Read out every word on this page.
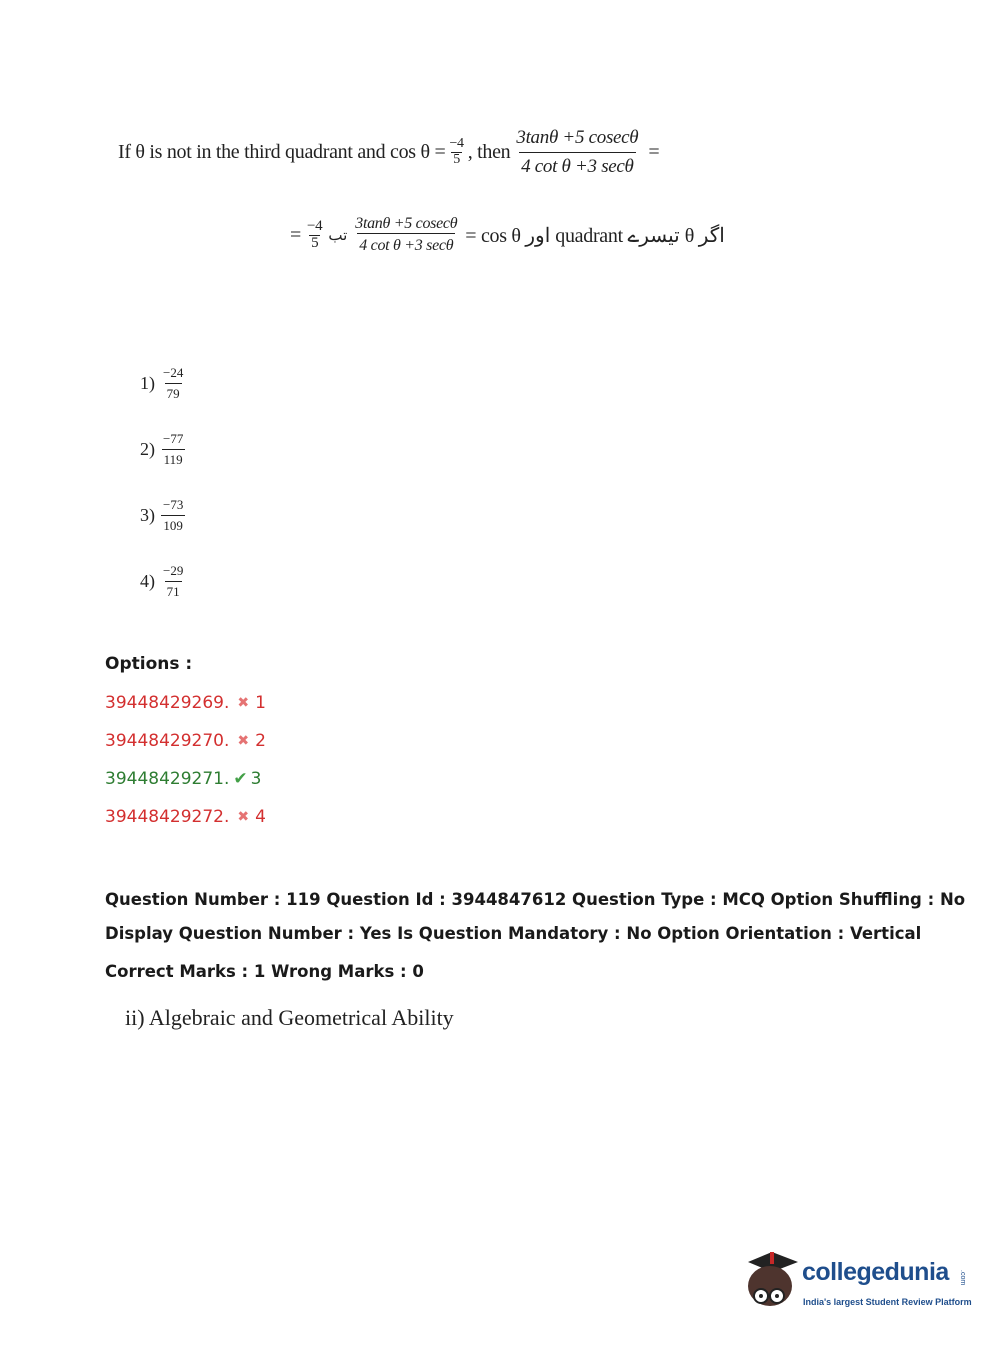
If θ is not in the third quadrant and $\cos \theta = \frac{-4}{5}$ , then $\frac{3\tan\theta +5 cosec\theta}{\text{4 cot θ +3 secθ}}$ =
= $\frac{-4}{5}$ تب $\frac{3\tan\theta +5 cosec\theta}{\text{4 cot θ +3 secθ}} = \cos \theta$ اور quadrant تیسرے θ اگر
$1) \frac{-24}{79}$
$2) \frac{-77}{119}$
$3) \frac{-73}{109}$
$4) \frac{-29}{71}$
Options :
39448429269. ✖ 1
39448429270. ✖ 2
39448429271. ✔ 3
39448429272. ✖ 4
Question Number : 119 Question Id : 3944847612 Question Type : MCQ Option Shuffling : No
Display Question Number : Yes Is Question Mandatory : No Option Orientation : Vertical
Correct Marks : 1 Wrong Marks : 0
ii) Algebraic and Geometrical Ability
collegedunia .com
India's largest Student Review Platform
